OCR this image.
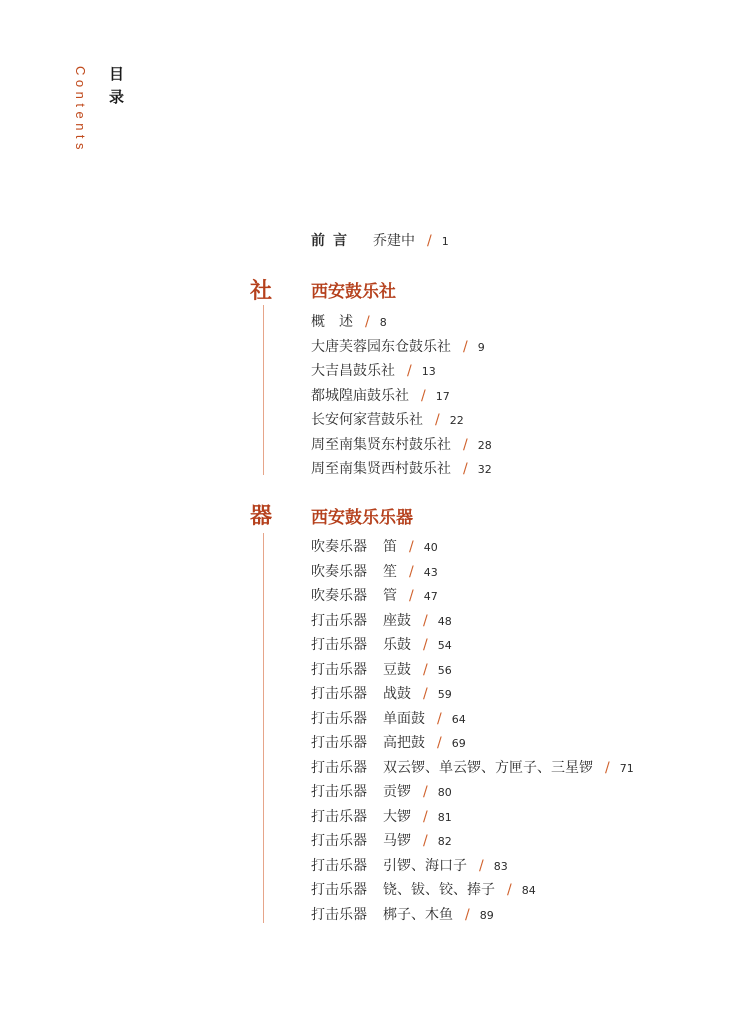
Contents 目录
前言 乔建中 / 1
社 西安鼓乐社
概　述 / 8
大唐芙蓉园东仓鼓乐社 / 9
大吉昌鼓乐社 / 13
都城隍庙鼓乐社 / 17
长安何家营鼓乐社 / 22
周至南集贤东村鼓乐社 / 28
周至南集贤西村鼓乐社 / 32
器 西安鼓乐乐器
吹奏乐器 笛 / 40
吹奏乐器 笙 / 43
吹奏乐器 管 / 47
打击乐器 座鼓 / 48
打击乐器 乐鼓 / 54
打击乐器 豆鼓 / 56
打击乐器 战鼓 / 59
打击乐器 单面鼓 / 64
打击乐器 高把鼓 / 69
打击乐器 双云锣、单云锣、方匣子、三星锣 / 71
打击乐器 贡锣 / 80
打击乐器 大锣 / 81
打击乐器 马锣 / 82
打击乐器 引锣、海口子 / 83
打击乐器 铙、钹、铰、捧子 / 84
打击乐器 梆子、木鱼 / 89
